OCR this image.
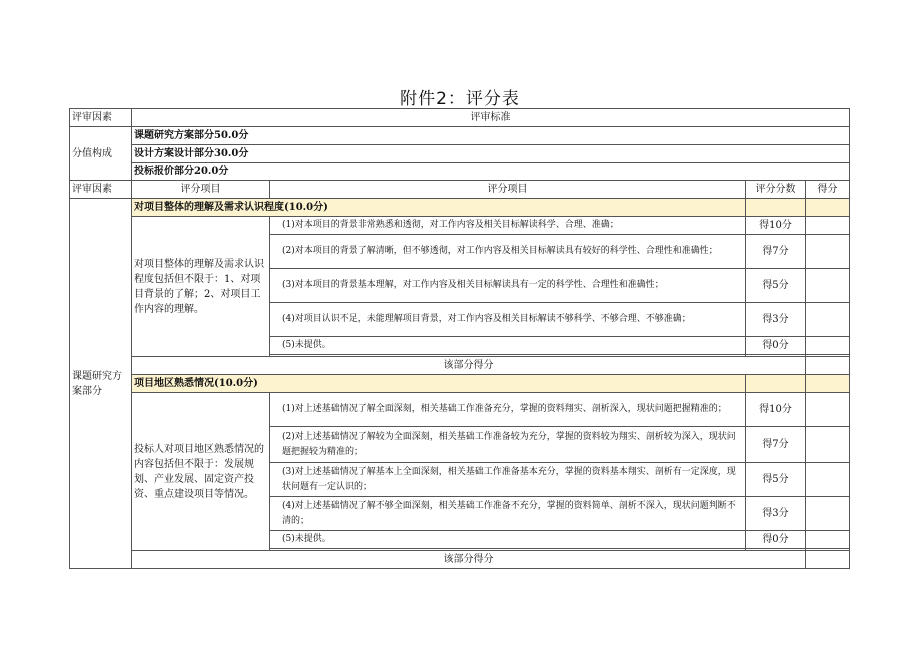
附件2：评分表
评审因素	评审标准			
分值构成	课题研究方案部分50.0分			
	设计方案设计部分30.0分			
	投标报价部分20.0分			
评审因素	评分项目	评分项目	评分分数	得分
课题研究方案部分	对项目整体的理解及需求认识程度(10.0分)			
	对项目整体的理解及需求认识程度包括但不限于：1、对项目背景的了解；2、对项目工作内容的理解。	(1)对本项目的背景非常熟悉和透彻，对工作内容及相关目标解读科学、合理、准确；	得10分	
		(2)对本项目的背景了解清晰，但不够透彻，对工作内容及相关目标解读具有较好的科学性、合理性和准确性；	得7分	
		(3)对本项目的背景基本理解，对工作内容及相关目标解读具有一定的科学性、合理性和准确性；	得5分	
		(4)对项目认识不足，未能理解项目背景，对工作内容及相关目标解读不够科学、不够合理、不够准确；	得3分	
		(5)未提供。	得0分	

	该部分得分			
	项目地区熟悉情况(10.0分)			
	投标人对项目地区熟悉情况的内容包括但不限于：发展规划、产业发展、固定资产投资、重点建设项目等情况。	(1)对上述基础情况了解全面深刻，相关基础工作准备充分，掌握的资料翔实、剖析深入，现状问题把握精准的；	得10分	
		(2)对上述基础情况了解较为全面深刻，相关基础工作准备较为充分，掌握的资料较为翔实、剖析较为深入，现状问题把握较为精准的；	得7分	
		(3)对上述基础情况了解基本上全面深刻，相关基础工作准备基本充分，掌握的资料基本翔实、剖析有一定深度，现状问题有一定认识的；	得5分	
		(4)对上述基础情况了解不够全面深刻，相关基础工作准备不充分，掌握的资料简单、剖析不深入，现状问题判断不清的；	得3分	
		(5)未提供。	得0分	

	该部分得分			
